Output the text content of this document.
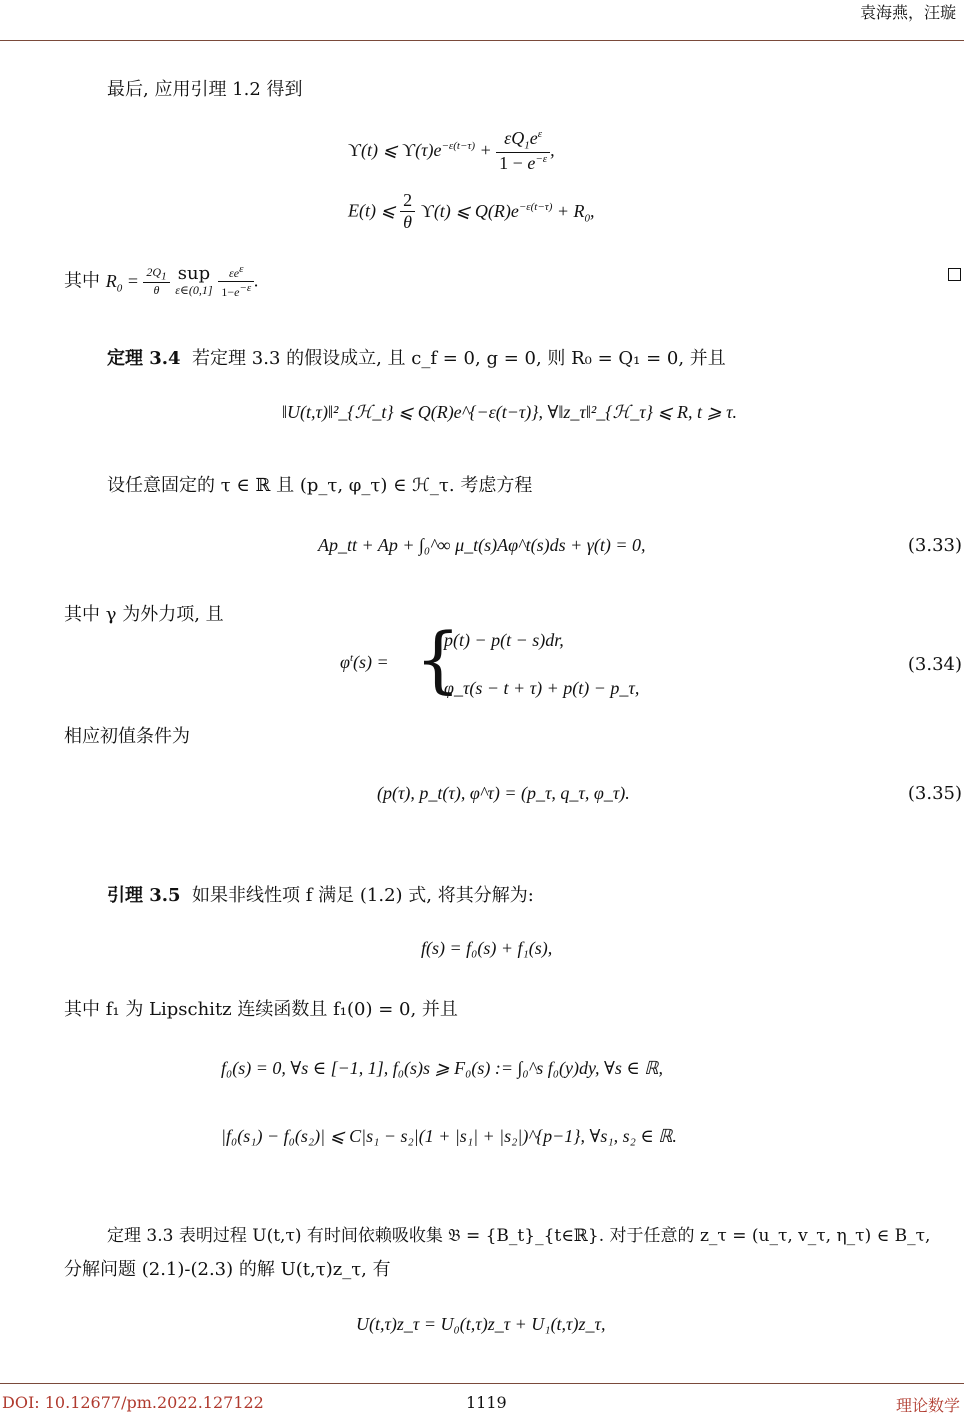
袁海燕，汪璇
最后, 应用引理 1.2 得到
ϒ(t) ⩽ $ϒ(\tau)e^{-\varepsilon(t-\tau)} + \frac{\varepsilon Q_1e^\varepsilon}{1 - e^{-\varepsilon}}$ ,
E(t) ⩽ $\frac{2}{\theta} ϒ(t)$ ⩽ $Q(R)e^{-\varepsilon(t-\tau)} + R_0$,
其中 $R_0 = \frac{2Q_1}{\theta}$ sup
ε∈(0,1] $\frac{\varepsilon e^\varepsilon}{1-e^{-\varepsilon}}$ .
定理 3.4 若定理 3.3 的假设成立, 且 c_f = 0, g = 0, 则 R₀ = Q₁ = 0, 并且
‖U(t,τ)‖²_{ℋ_t} ⩽ Q(R)e^{−ε(t−τ)}, ∀‖z_τ‖²_{ℋ_τ} ⩽ R, t ⩾ τ.
设任意固定的 τ ∈ ℝ 且 (p_τ, φ_τ) ∈ ℋ_τ. 考虑方程
Ap_tt + Ap + ∫₀^∞ μ_t(s)Aφ^t(s)ds + γ(t) = 0,	(3.33)
其中 γ 为外力项, 且
$\varphi^t(s)$ = {
p(t) − p(t − s)dr,
φ_τ(s − t + τ) + p(t) − p_τ,
(3.34)
相应初值条件为
(p(τ), p_t(τ), φ^τ) = (p_τ, q_τ, φ_τ).	(3.35)
引理 3.5 如果非线性项 f 满足 (1.2) 式, 将其分解为:
f(s) = f₀(s) + f₁(s),
其中 f₁ 为 Lipschitz 连续函数且 f₁(0) = 0, 并且
f₀(s) = 0, ∀s ∈ [−1, 1], f₀(s)s ⩾ F₀(s) := ∫₀^s f₀(y)dy, ∀s ∈ ℝ,
|f₀(s₁) − f₀(s₂)| ⩽ C|s₁ − s₂|(1 + |s₁| + |s₂|)^{p−1}, ∀s₁, s₂ ∈ ℝ.
定理 3.3 表明过程 U(t,τ) 有时间依赖吸收集 𝔅 = {B_t}_{t∈ℝ}. 对于任意的 z_τ = (u_τ, v_τ, η_τ) ∈ B_τ,
分解问题 (2.1)-(2.3) 的解 U(t,τ)z_τ, 有
U(t,τ)z_τ = U₀(t,τ)z_τ + U₁(t,τ)z_τ,
DOI: 10.12677/pm.2022.127122	1119	理论数学
